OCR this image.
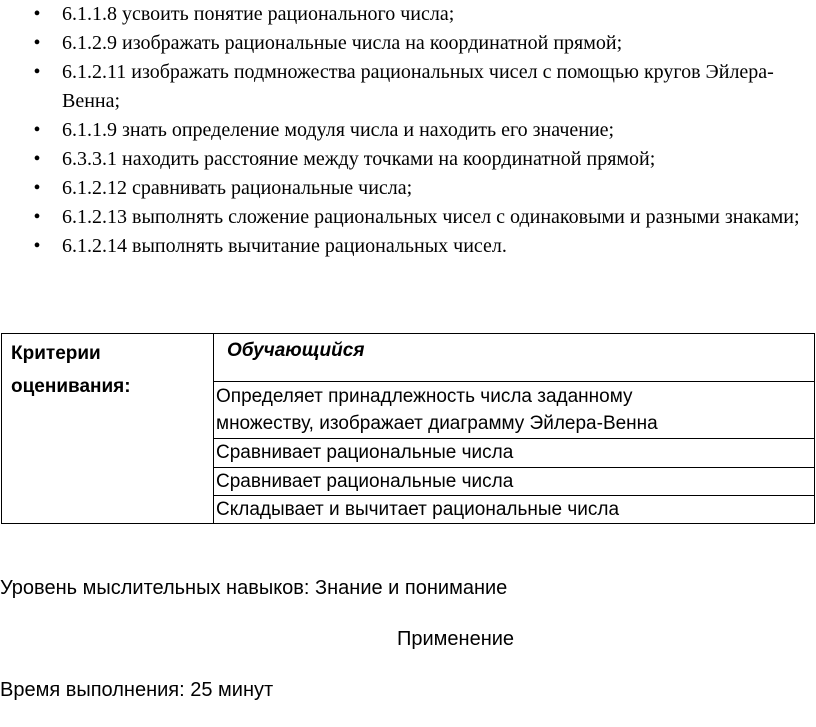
• 6.1.1.8 усвоить понятие рационального числа;
• 6.1.2.9 изображать рациональные числа на координатной прямой;
• 6.1.2.11 изображать подмножества рациональных чисел с помощью кругов Эйлера-Венна;
• 6.1.1.9 знать определение модуля числа и находить его значение;
• 6.3.3.1 находить расстояние между точками на координатной прямой;
• 6.1.2.12 сравнивать рациональные числа;
• 6.1.2.13 выполнять сложение рациональных чисел с одинаковыми и разными знаками;
• 6.1.2.14 выполнять вычитание рациональных чисел.
Критерии
оценивания:
Обучающийся
Определяет принадлежность числа заданному
множеству, изображает диаграмму Эйлера-Венна
Сравнивает рациональные числа
Сравнивает рациональные числа
Складывает и вычитает рациональные числа
Уровень мыслительных навыков: Знание и понимание
Применение
Время выполнения: 25 минут
